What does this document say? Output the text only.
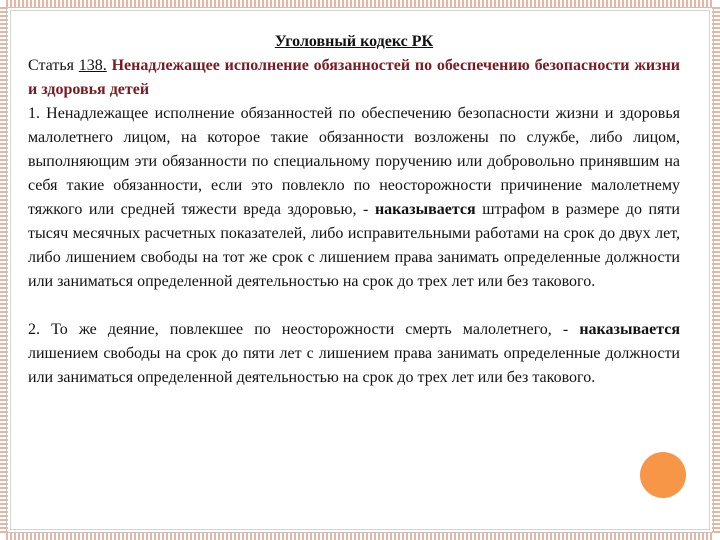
Уголовный кодекс РК

Статья 138. Ненадлежащее исполнение обязанностей по обеспечению безопасности жизни и здоровья детей

1. Ненадлежащее исполнение обязанностей по обеспечению безопасности жизни и здоровья малолетнего лицом, на которое такие обязанности возложены по службе, либо лицом, выполняющим эти обязанности по специальному поручению или добровольно принявшим на себя такие обязанности, если это повлекло по неосторожности причинение малолетнему тяжкого или средней тяжести вреда здоровью, - наказывается штрафом в размере до пяти тысяч месячных расчетных показателей, либо исправительными работами на срок до двух лет, либо лишением свободы на тот же срок с лишением права занимать определенные должности или заниматься определенной деятельностью на срок до трех лет или без такового.

2. То же деяние, повлекшее по неосторожности смерть малолетнего, - наказывается лишением свободы на срок до пяти лет с лишением права занимать определенные должности или заниматься определенной деятельностью на срок до трех лет или без такового.
